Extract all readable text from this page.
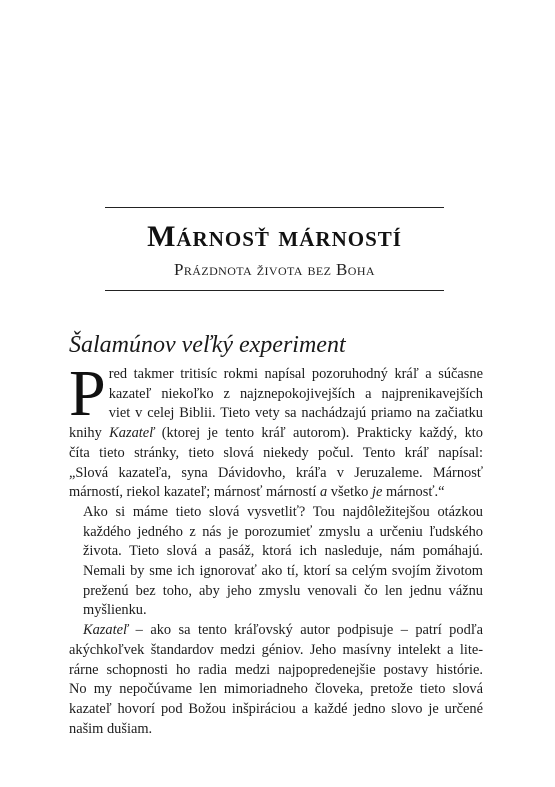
Márnosť márností
Prázdnota života bez Boha
Šalamúnov veľký experiment

P red takmer tritisíc rokmi napísal pozoruhodný kráľ a súčasne
kazateľ niekoľko z najznepokojivejších a najprenikavejších
viet v celej Biblii. Tieto vety sa nachádzajú priamo na začiatku
knihy Kazateľ (ktorej je tento kráľ autorom). Prakticky každý, kto
číta tieto stránky, tieto slová niekedy počul. Tento kráľ napísal:
„Slová kazateľa, syna Dávidovho, kráľa v Jeruzaleme. Márnosť
márností, riekol kazateľ; márnosť márností a všetko je márnosť.“

Ako si máme tieto slová vysvetliť? Tou najdôležitejšou otázkou
každého jedného z nás je porozumieť zmyslu a určeniu ľudského
života. Tieto slová a pasáž, ktorá ich nasleduje, nám pomáhajú.
Nemali by sme ich ignorovať ako tí, ktorí sa celým svojím životom
preženú bez toho, aby jeho zmyslu venovali čo len jednu vážnu
myšlienku.

Kazateľ – ako sa tento kráľovský autor podpisuje – patrí podľa
akýchkoľvek štandardov medzi géniov. Jeho masívny intelekt a lite-
rárne schopnosti ho radia medzi najpopredenejšie postavy histórie.
No my nepočúvame len mimoriadneho človeka, pretože tieto slová
kazateľ hovorí pod Božou inšpiráciou a každé jedno slovo je určené
našim dušiam.
